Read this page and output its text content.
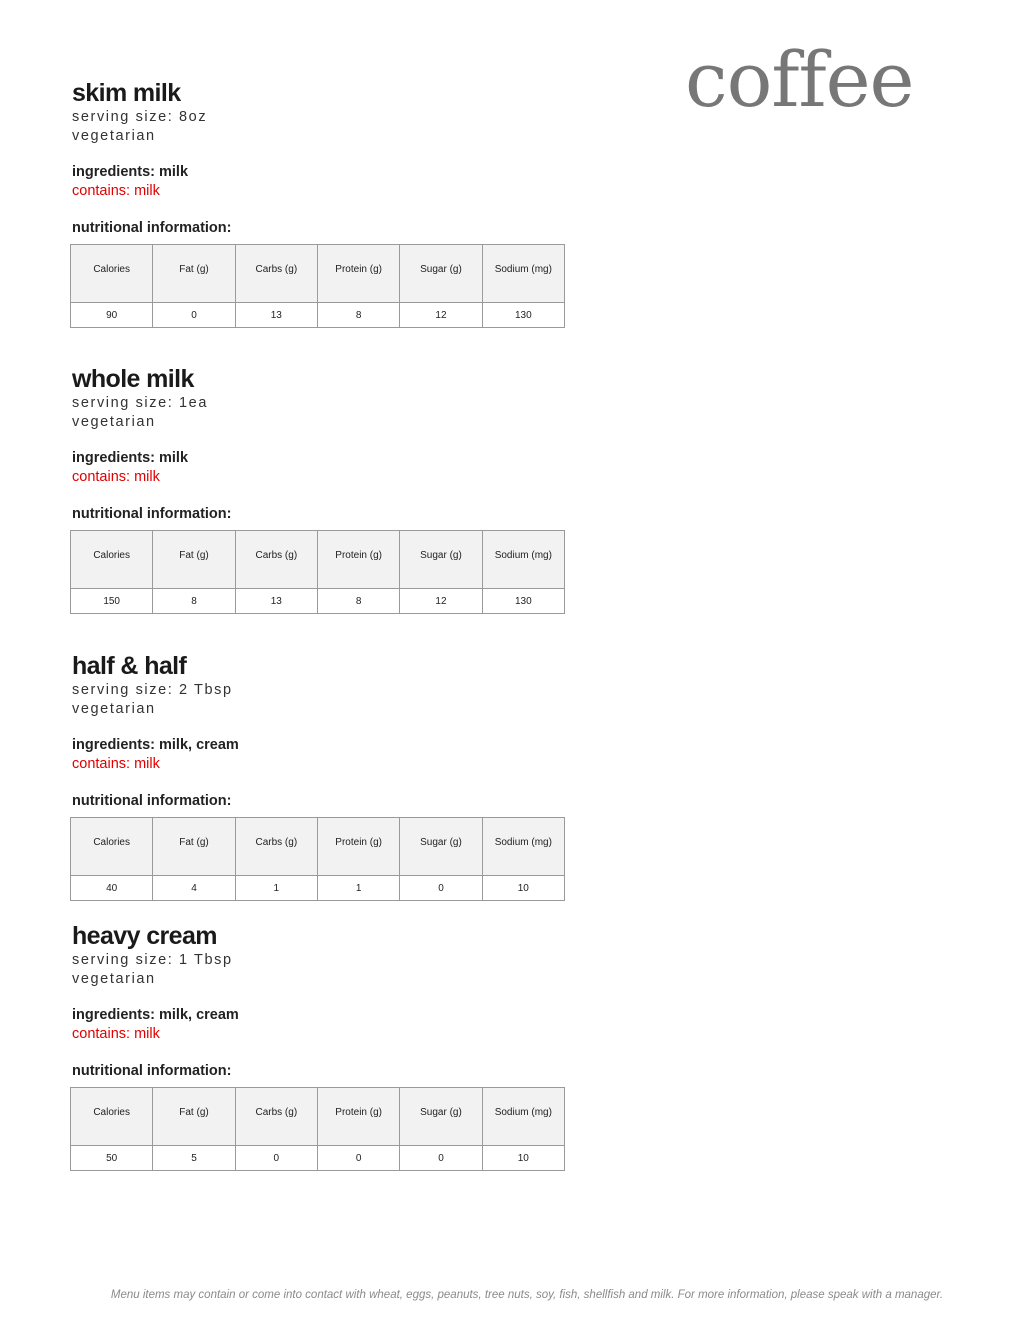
coffee
skim milk

serving size: 8oz

vegetarian

ingredients: milk

contains: milk

nutritional information:

Calories	Fat (g)	Carbs (g)	Protein (g)	Sugar (g)	Sodium (mg)
90	0	13	8	12	130
whole milk

serving size: 1ea

vegetarian

ingredients: milk

contains: milk

nutritional information:

Calories	Fat (g)	Carbs (g)	Protein (g)	Sugar (g)	Sodium (mg)
150	8	13	8	12	130
half & half

serving size: 2 Tbsp

vegetarian

ingredients: milk, cream

contains: milk

nutritional information:

Calories	Fat (g)	Carbs (g)	Protein (g)	Sugar (g)	Sodium (mg)
40	4	1	1	0	10
heavy cream

serving size: 1 Tbsp

vegetarian

ingredients: milk, cream

contains: milk

nutritional information:

Calories	Fat (g)	Carbs (g)	Protein (g)	Sugar (g)	Sodium (mg)
50	5	0	0	0	10
Menu items may contain or come into contact with wheat, eggs, peanuts, tree nuts, soy, fish, shellfish and milk. For more information, please speak with a manager.
